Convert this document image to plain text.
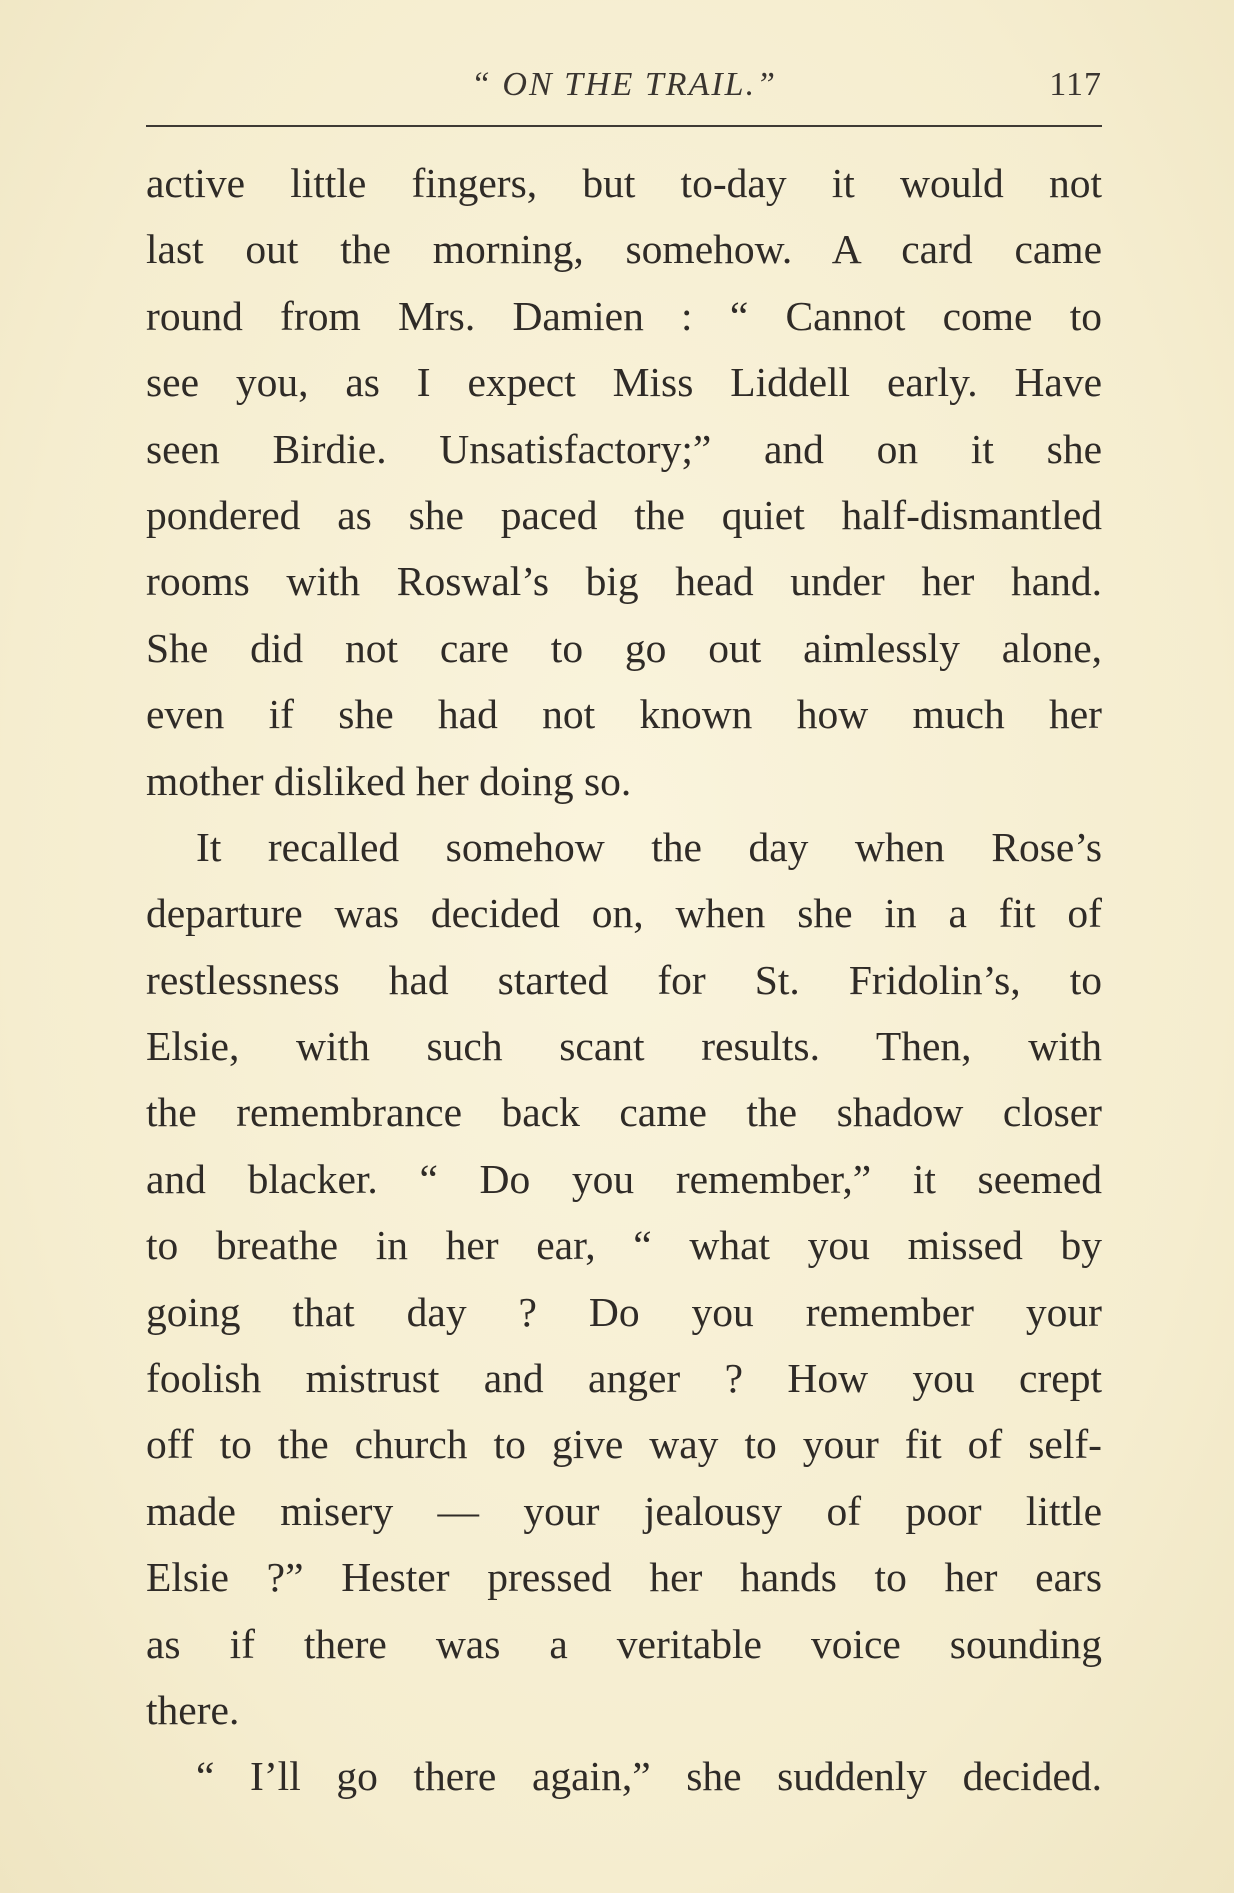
“ ON THE TRAIL.”	117
active little fingers, but to-day it would not
last out the morning, somehow. A card came
round from Mrs. Damien : “ Cannot come to
see you, as I expect Miss Liddell early. Have
seen Birdie. Unsatisfactory;” and on it she
pondered as she paced the quiet half-dismantled
rooms with Roswal’s big head under her hand.
She did not care to go out aimlessly alone,
even if she had not known how much her
mother disliked her doing so.
It recalled somehow the day when Rose’s
departure was decided on, when she in a fit of
restlessness had started for St. Fridolin’s, to
Elsie, with such scant results. Then, with
the remembrance back came the shadow closer
and blacker. “ Do you remember,” it seemed
to breathe in her ear, “ what you missed by
going that day ? Do you remember your
foolish mistrust and anger ? How you crept
off to the church to give way to your fit of self-
made misery — your jealousy of poor little
Elsie ?” Hester pressed her hands to her ears
as if there was a veritable voice sounding
there.
“ I’ll go there again,” she suddenly decided.
